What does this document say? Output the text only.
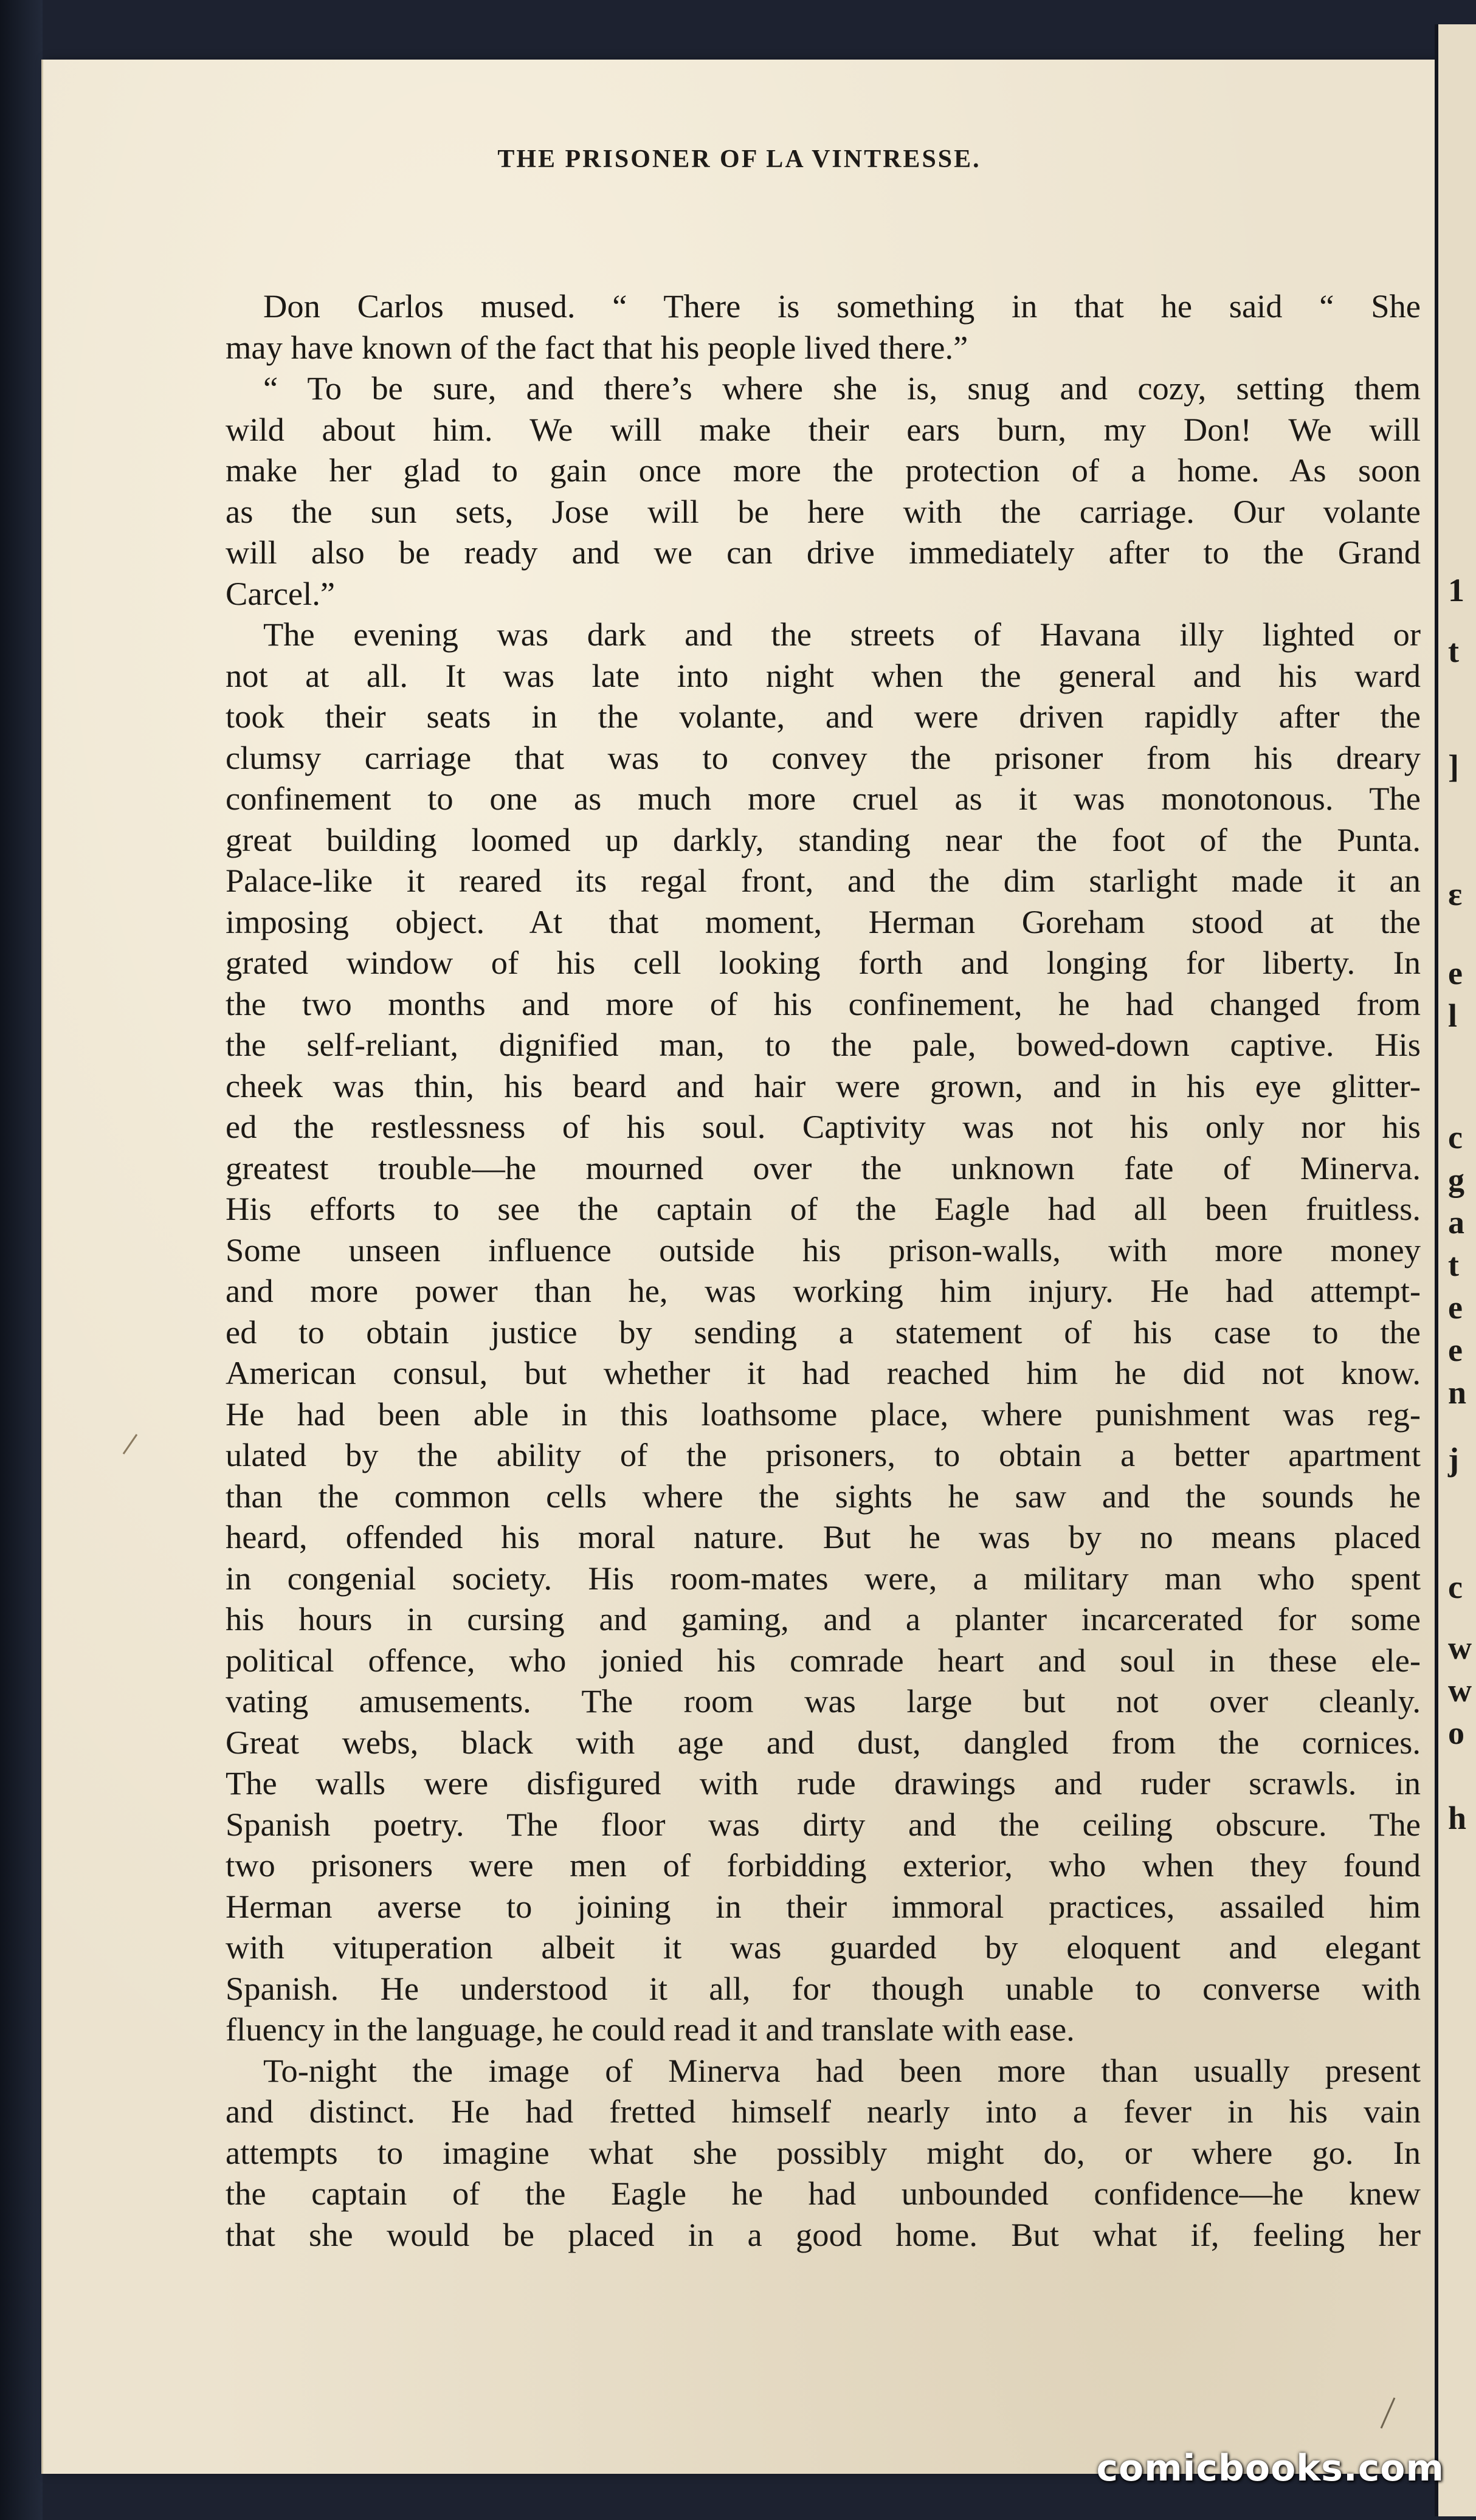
THE PRISONER OF LA VINTRESSE.
Don Carlos mused. “ There is something in that he said “ She
may have known of the fact that his people lived there.”
“ To be sure, and there’s where she is, snug and cozy, setting them
wild about him. We will make their ears burn, my Don! We will
make her glad to gain once more the protection of a home. As soon
as the sun sets, Jose will be here with the carriage. Our volante
will also be ready and we can drive immediately after to the Grand
Carcel.”
The evening was dark and the streets of Havana illy lighted or
not at all. It was late into night when the general and his ward
took their seats in the volante, and were driven rapidly after the
clumsy carriage that was to convey the prisoner from his dreary
confinement to one as much more cruel as it was monotonous. The
great building loomed up darkly, standing near the foot of the Punta.
Palace-like it reared its regal front, and the dim starlight made it an
imposing object. At that moment, Herman Goreham stood at the
grated window of his cell looking forth and longing for liberty. In
the two months and more of his confinement, he had changed from
the self-reliant, dignified man, to the pale, bowed-down captive. His
cheek was thin, his beard and hair were grown, and in his eye glitter-
ed the restlessness of his soul. Captivity was not his only nor his
greatest trouble—he mourned over the unknown fate of Minerva.
His efforts to see the captain of the Eagle had all been fruitless.
Some unseen influence outside his prison-walls, with more money
and more power than he, was working him injury. He had attempt-
ed to obtain justice by sending a statement of his case to the
American consul, but whether it had reached him he did not know.
He had been able in this loathsome place, where punishment was reg-
ulated by the ability of the prisoners, to obtain a better apartment
than the common cells where the sights he saw and the sounds he
heard, offended his moral nature. But he was by no means placed
in congenial society. His room-mates were, a military man who spent
his hours in cursing and gaming, and a planter incarcerated for some
political offence, who jonied his comrade heart and soul in these ele-
vating amusements. The room was large but not over cleanly.
Great webs, black with age and dust, dangled from the cornices.
The walls were disfigured with rude drawings and ruder scrawls. in
Spanish poetry. The floor was dirty and the ceiling obscure. The
two prisoners were men of forbidding exterior, who when they found
Herman averse to joining in their immoral practices, assailed him
with vituperation albeit it was guarded by eloquent and elegant
Spanish. He understood it all, for though unable to converse with
fluency in the language, he could read it and translate with ease.
To-night the image of Minerva had been more than usually present
and distinct. He had fretted himself nearly into a fever in his vain
attempts to imagine what she possibly might do, or where go. In
the captain of the Eagle he had unbounded confidence—he knew
that she would be placed in a good home. But what if, feeling her
1
t
]
ɛ
e
l
c
g
a
t
e
e
n
j
c
w
w
o
h
comicbooks.com
